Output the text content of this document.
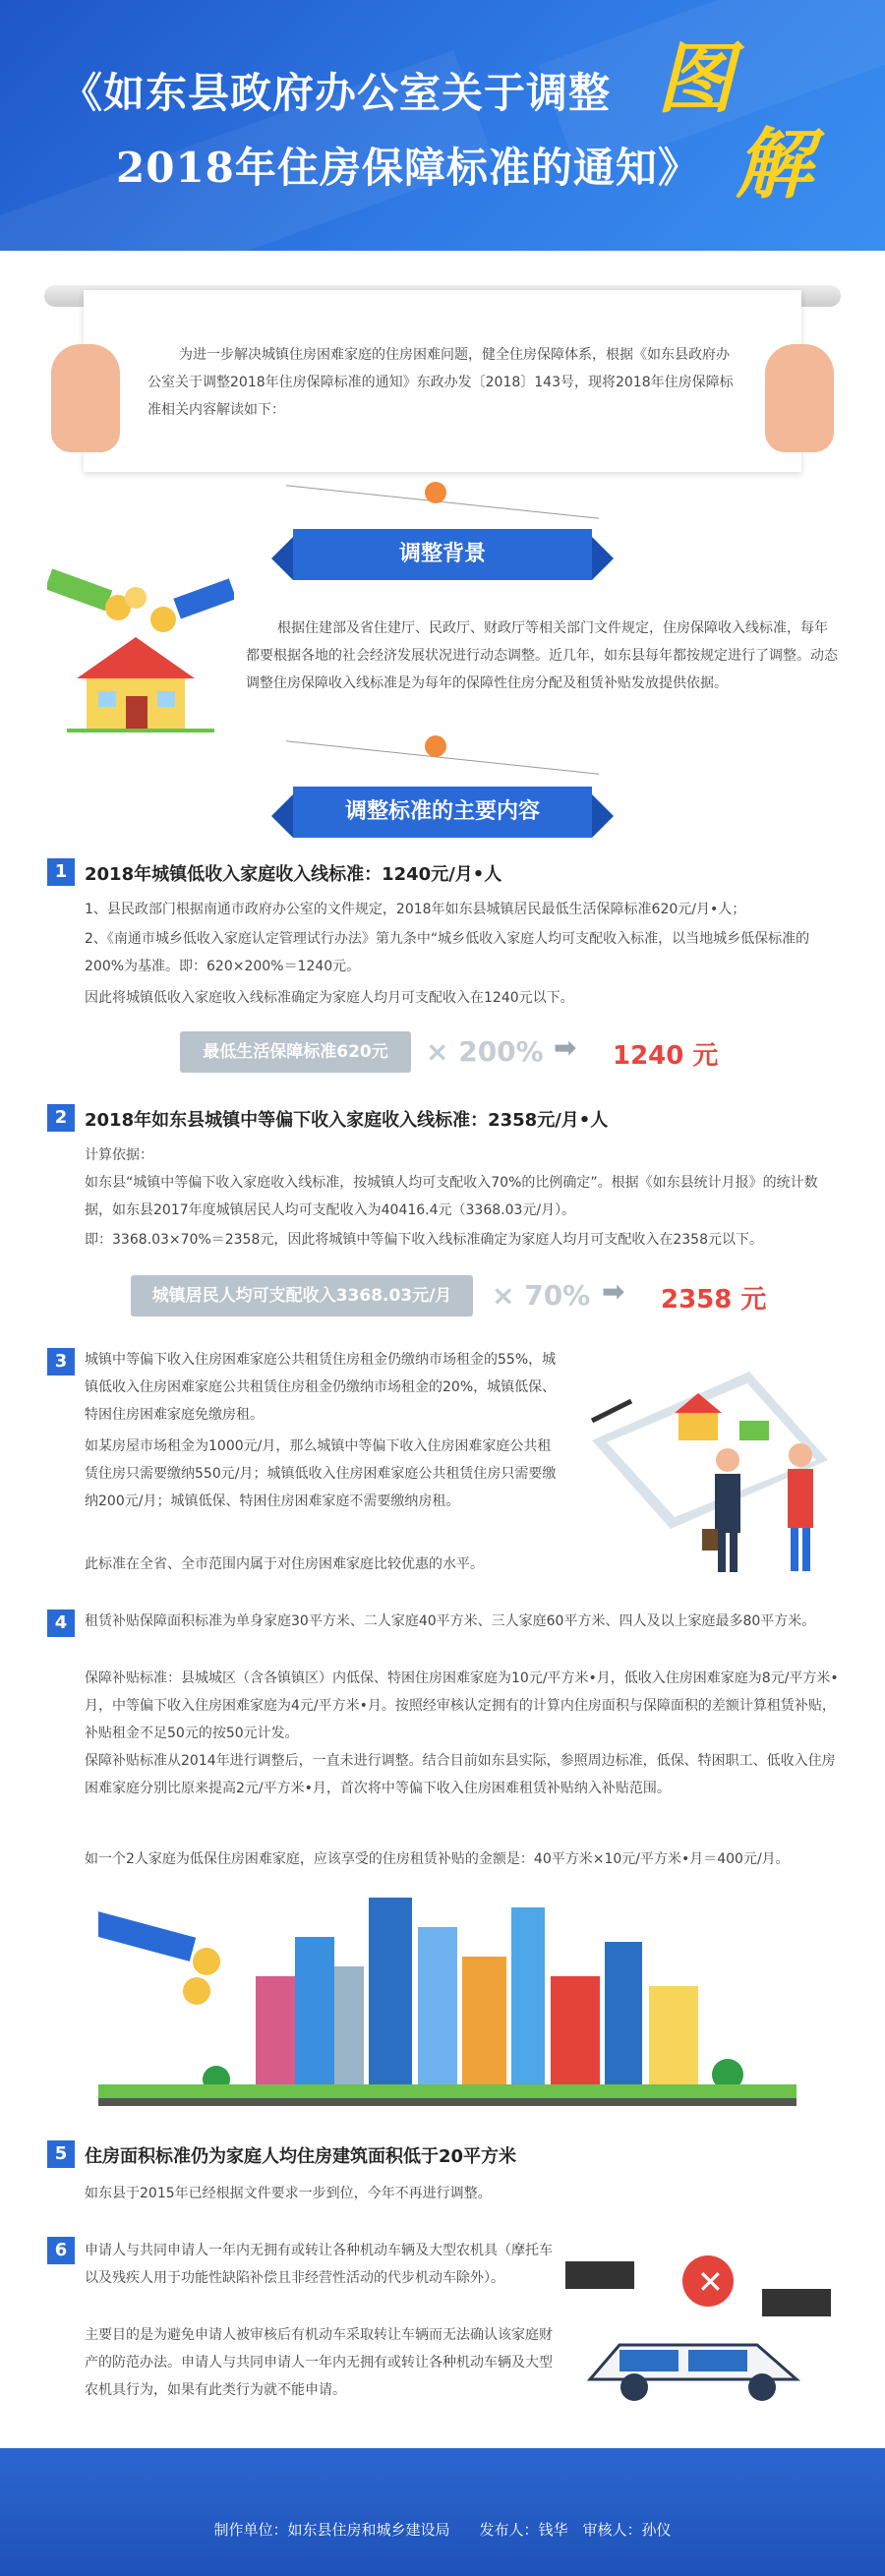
《如东县政府办公室关于调整
2018年住房保障标准的通知》
图
解
为进一步解决城镇住房困难家庭的住房困难问题，健全住房保障体系，根据《如东县政府办公室关于调整2018年住房保障标准的通知》东政办发〔2018〕143号，现将2018年住房保障标准相关内容解读如下：
调整背景
根据住建部及省住建厅、民政厅、财政厅等相关部门文件规定，住房保障收入线标准，每年都要根据各地的社会经济发展状况进行动态调整。近几年，如东县每年都按规定进行了调整。动态调整住房保障收入线标准是为每年的保障性住房分配及租赁补贴发放提供依据。
调整标准的主要内容
1 2018年城镇低收入家庭收入线标准：1240元/月•人
1、县民政部门根据南通市政府办公室的文件规定，2018年如东县城镇居民最低生活保障标准620元/月•人；
2、《南通市城乡低收入家庭认定管理试行办法》第九条中“城乡低收入家庭人均可支配收入标准，以当地城乡低保标准的200%为基准。即：620×200%＝1240元。
因此将城镇低收入家庭收入线标准确定为家庭人均月可支配收入在1240元以下。
最低生活保障标准620元	× 200% ➡ 1240 元
2 2018年如东县城镇中等偏下收入家庭收入线标准：2358元/月•人
计算依据：
如东县“城镇中等偏下收入家庭收入线标准，按城镇人均可支配收入70%的比例确定”。根据《如东县统计月报》的统计数据，如东县2017年度城镇居民人均可支配收入为40416.4元（3368.03元/月）。
即：3368.03×70%＝2358元，因此将城镇中等偏下收入线标准确定为家庭人均月可支配收入在2358元以下。
城镇居民人均可支配收入3368.03元/月	× 70% ➡ 2358 元
3	城镇中等偏下收入住房困难家庭公共租赁住房租金仍缴纳市场租金的55%，城镇低收入住房困难家庭公共租赁住房租金仍缴纳市场租金的20%，城镇低保、特困住房困难家庭免缴房租。
如某房屋市场租金为1000元/月，那么城镇中等偏下收入住房困难家庭公共租赁住房只需要缴纳550元/月；城镇低收入住房困难家庭公共租赁住房只需要缴纳200元/月；城镇低保、特困住房困难家庭不需要缴纳房租。
此标准在全省、全市范围内属于对住房困难家庭比较优惠的水平。
4	租赁补贴保障面积标准为单身家庭30平方米、二人家庭40平方米、三人家庭60平方米、四人及以上家庭最多80平方米。
保障补贴标准：县城城区（含各镇镇区）内低保、特困住房困难家庭为10元/平方米•月，低收入住房困难家庭为8元/平方米•月，中等偏下收入住房困难家庭为4元/平方米•月。按照经审核认定拥有的计算内住房面积与保障面积的差额计算租赁补贴，补贴租金不足50元的按50元计发。
保障补贴标准从2014年进行调整后，一直未进行调整。结合目前如东县实际，参照周边标准，低保、特困职工、低收入住房困难家庭分别比原来提高2元/平方米•月，首次将中等偏下收入住房困难租赁补贴纳入补贴范围。
如一个2人家庭为低保住房困难家庭，应该享受的住房租赁补贴的金额是：40平方米×10元/平方米•月＝400元/月。
5 住房面积标准仍为家庭人均住房建筑面积低于20平方米
如东县于2015年已经根据文件要求一步到位，今年不再进行调整。
6	申请人与共同申请人一年内无拥有或转让各种机动车辆及大型农机具（摩托车以及残疾人用于功能性缺陷补偿且非经营性活动的代步机动车除外）。
主要目的是为避免申请人被审核后有机动车采取转让车辆而无法确认该家庭财产的防范办法。申请人与共同申请人一年内无拥有或转让各种机动车辆及大型农机具行为，如果有此类行为就不能申请。
✕
制作单位：如东县住房和城乡建设局　　发布人：钱华　审核人：孙仪
